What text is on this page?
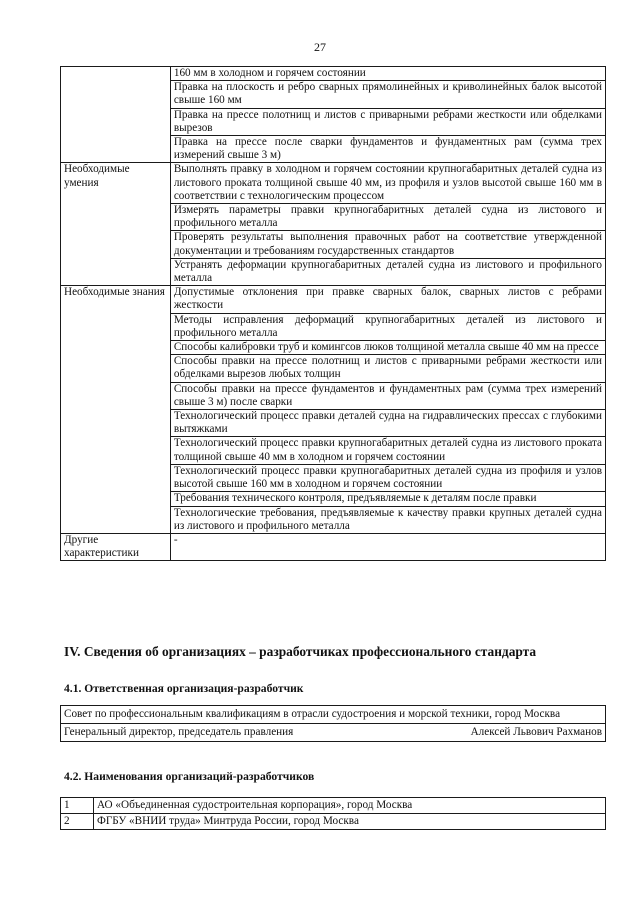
27
	160 мм в холодном и горячем состоянии
	Правка на плоскость и ребро сварных прямолинейных и криволинейных балок высотой свыше 160 мм
	Правка на прессе полотнищ и листов с приварными ребрами жесткости или обделками вырезов
	Правка на прессе после сварки фундаментов и фундаментных рам (сумма трех измерений свыше 3 м)
Необходимые умения	Выполнять правку в холодном и горячем состоянии крупногабаритных деталей судна из листового проката толщиной свыше 40 мм, из профиля и узлов высотой свыше 160 мм в соответствии с технологическим процессом
	Измерять параметры правки крупногабаритных деталей судна из листового и профильного металла
	Проверять результаты выполнения правочных работ на соответствие утвержденной документации и требованиям государственных стандартов
	Устранять деформации крупногабаритных деталей судна из листового и профильного металла
Необходимые знания	Допустимые отклонения при правке сварных балок, сварных листов с ребрами жесткости
	Методы исправления деформаций крупногабаритных деталей из листового и профильного металла
	Способы калибровки труб и комингсов люков толщиной металла свыше 40 мм на прессе
	Способы правки на прессе полотнищ и листов с приварными ребрами жесткости или обделками вырезов любых толщин
	Способы правки на прессе фундаментов и фундаментных рам (сумма трех измерений свыше 3 м) после сварки
	Технологический процесс правки деталей судна на гидравлических прессах с глубокими вытяжками
	Технологический процесс правки крупногабаритных деталей судна из листового проката толщиной свыше 40 мм в холодном и горячем состоянии
	Технологический процесс правки крупногабаритных деталей судна из профиля и узлов высотой свыше 160 мм в холодном и горячем состоянии
	Требования технического контроля, предъявляемые к деталям после правки
	Технологические требования, предъявляемые к качеству правки крупных деталей судна из листового и профильного металла
Другие характеристики	-
IV. Сведения об организациях – разработчиках профессионального стандарта
4.1. Ответственная организация-разработчик
Совет по профессиональным квалификациям в отрасли судостроения и морской техники, город Москва

Генеральный директор, председатель правления	Алексей Львович Рахманов
4.2. Наименования организаций-разработчиков
1	АО «Объединенная судостроительная корпорация», город Москва
2	ФГБУ «ВНИИ труда» Минтруда России, город Москва
